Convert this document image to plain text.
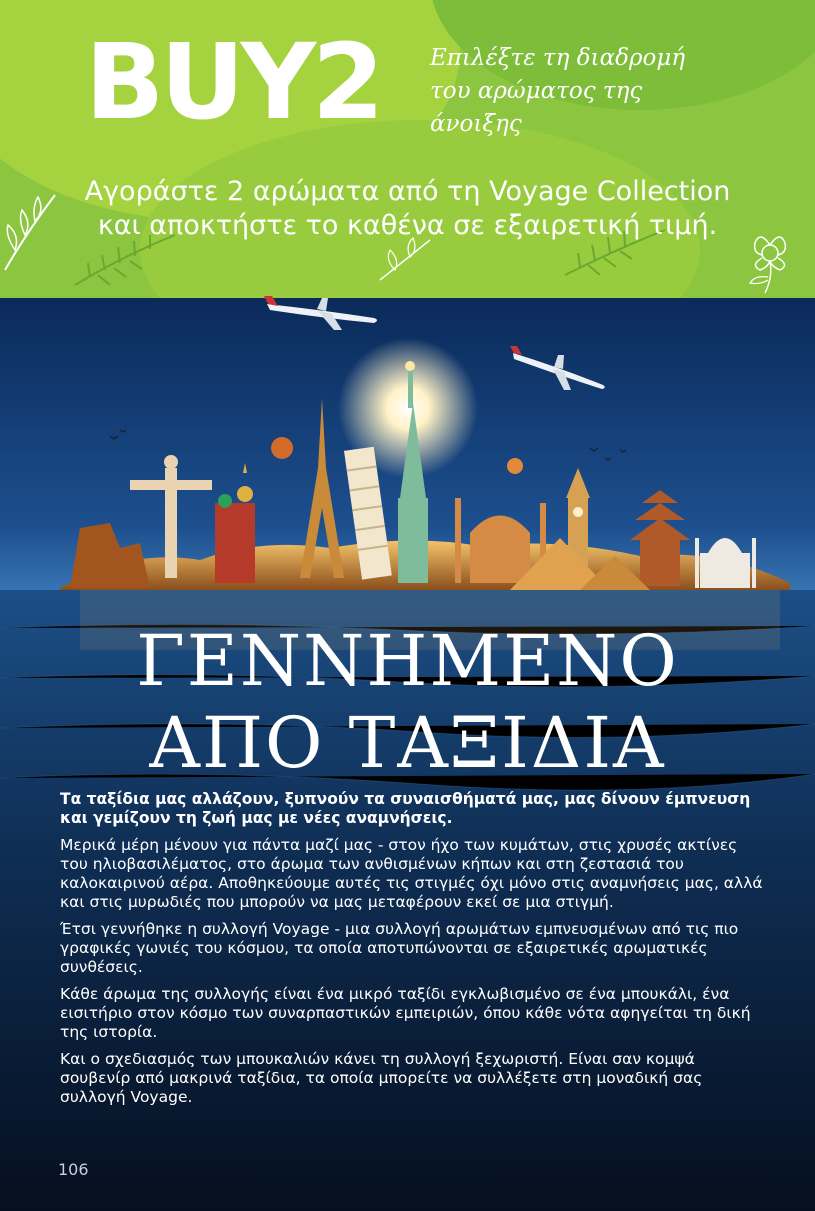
BUY2 Επιλέξτε τη διαδρομή
του αρώματος της
άνοιξης
Αγοράστε 2 αρώματα από τη Voyage Collection
και αποκτήστε το καθένα σε εξαιρετική τιμή.
ΓΕΝΝΗΜΕΝΟ
ΑΠΟ ΤΑΞΙΔΙΑ

Τα ταξίδια μας αλλάζουν, ξυπνούν τα συναισθήματά μας, μας δίνουν έμπνευση και γεμίζουν τη ζωή μας με νέες αναμνήσεις.

Μερικά μέρη μένουν για πάντα μαζί μας - στον ήχο των κυμάτων, στις χρυσές ακτίνες του ηλιοβασιλέματος, στο άρωμα των ανθισμένων κήπων και στη ζεστασιά του καλοκαιρινού αέρα. Αποθηκεύουμε αυτές τις στιγμές όχι μόνο στις αναμνήσεις μας, αλλά και στις μυρωδιές που μπορούν να μας μεταφέρουν εκεί σε μια στιγμή.

Έτσι γεννήθηκε η συλλογή Voyage - μια συλλογή αρωμάτων εμπνευσμένων από τις πιο γραφικές γωνιές του κόσμου, τα οποία αποτυπώνονται σε εξαιρετικές αρωματικές συνθέσεις.

Κάθε άρωμα της συλλογής είναι ένα μικρό ταξίδι εγκλωβισμένο σε ένα μπουκάλι, ένα εισιτήριο στον κόσμο των συναρπαστικών εμπειριών, όπου κάθε νότα αφηγείται τη δική της ιστορία.

Και ο σχεδιασμός των μπουκαλιών κάνει τη συλλογή ξεχωριστή. Είναι σαν κομψά σουβενίρ από μακρινά ταξίδια, τα οποία μπορείτε να συλλέξετε στη μοναδική σας συλλογή Voyage.

106
